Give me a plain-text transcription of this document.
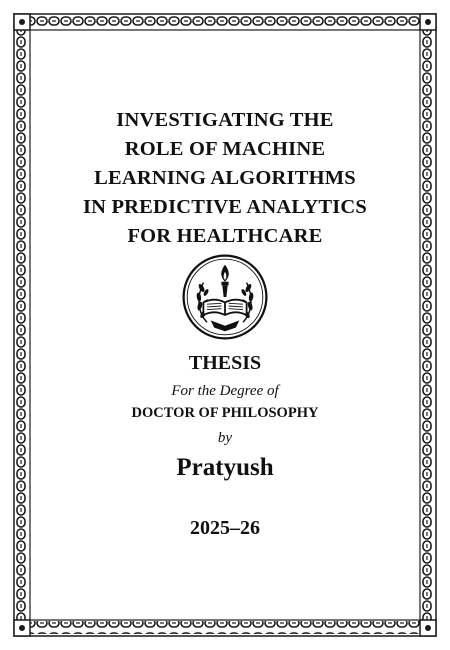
INVESTIGATING THE
ROLE OF MACHINE
LEARNING ALGORITHMS
IN PREDICTIVE ANALYTICS
FOR HEALTHCARE
THESIS
For the Degree of
DOCTOR OF PHILOSOPHY
by
Pratyush
2025–26
